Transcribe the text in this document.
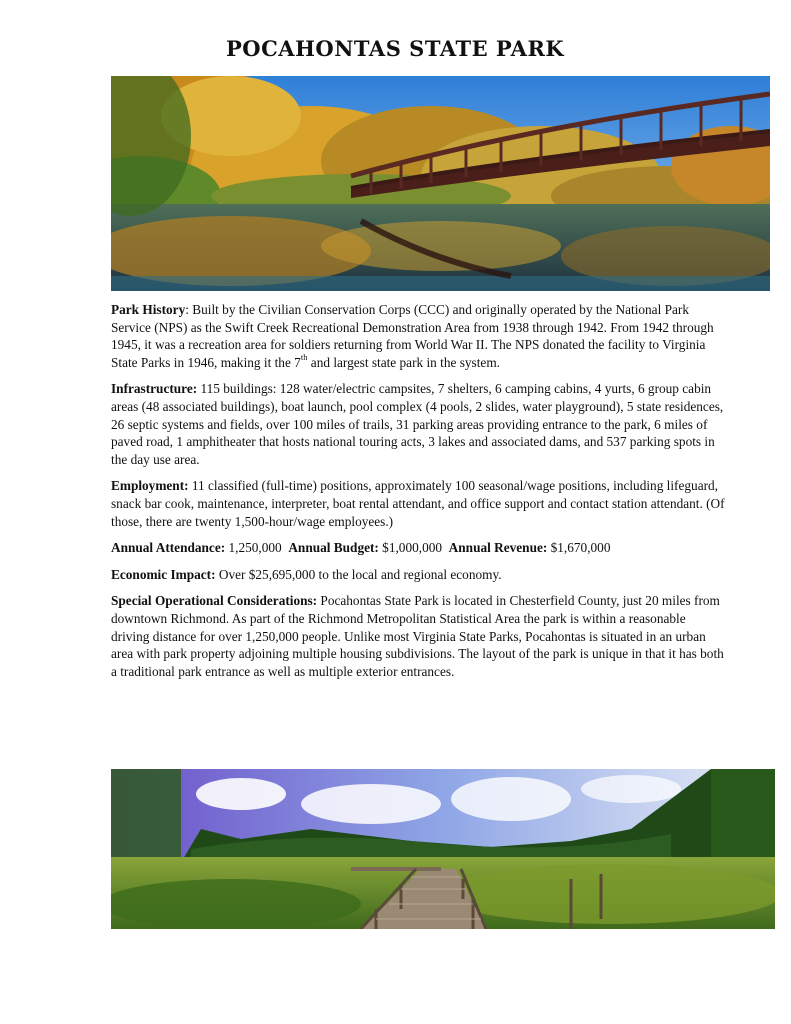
POCAHONTAS STATE PARK

Park History: Built by the Civilian Conservation Corps (CCC) and originally operated by the National Park Service (NPS) as the Swift Creek Recreational Demonstration Area from 1938 through 1942. From 1942 through 1945, it was a recreation area for soldiers returning from World War II. The NPS donated the facility to Virginia State Parks in 1946, making it the 7th and largest state park in the system.

Infrastructure: 115 buildings: 128 water/electric campsites, 7 shelters, 6 camping cabins, 4 yurts, 6 group cabin areas (48 associated buildings), boat launch, pool complex (4 pools, 2 slides, water playground), 5 state residences, 26 septic systems and fields, over 100 miles of trails, 31 parking areas providing entrance to the park, 6 miles of paved road, 1 amphitheater that hosts national touring acts, 3 lakes and associated dams, and 537 parking spots in the day use area.

Employment: 11 classified (full-time) positions, approximately 100 seasonal/wage positions, including lifeguard, snack bar cook, maintenance, interpreter, boat rental attendant, and office support and contact station attendant. (Of those, there are twenty 1,500-hour/wage employees.)

Annual Attendance: 1,250,000  Annual Budget: $1,000,000  Annual Revenue: $1,670,000

Economic Impact: Over $25,695,000 to the local and regional economy.

Special Operational Considerations: Pocahontas State Park is located in Chesterfield County, just 20 miles from downtown Richmond. As part of the Richmond Metropolitan Statistical Area the park is within a reasonable driving distance for over 1,250,000 people. Unlike most Virginia State Parks, Pocahontas is situated in an urban area with park property adjoining multiple housing subdivisions. The layout of the park is unique in that it has both a traditional park entrance as well as multiple exterior entrances.
